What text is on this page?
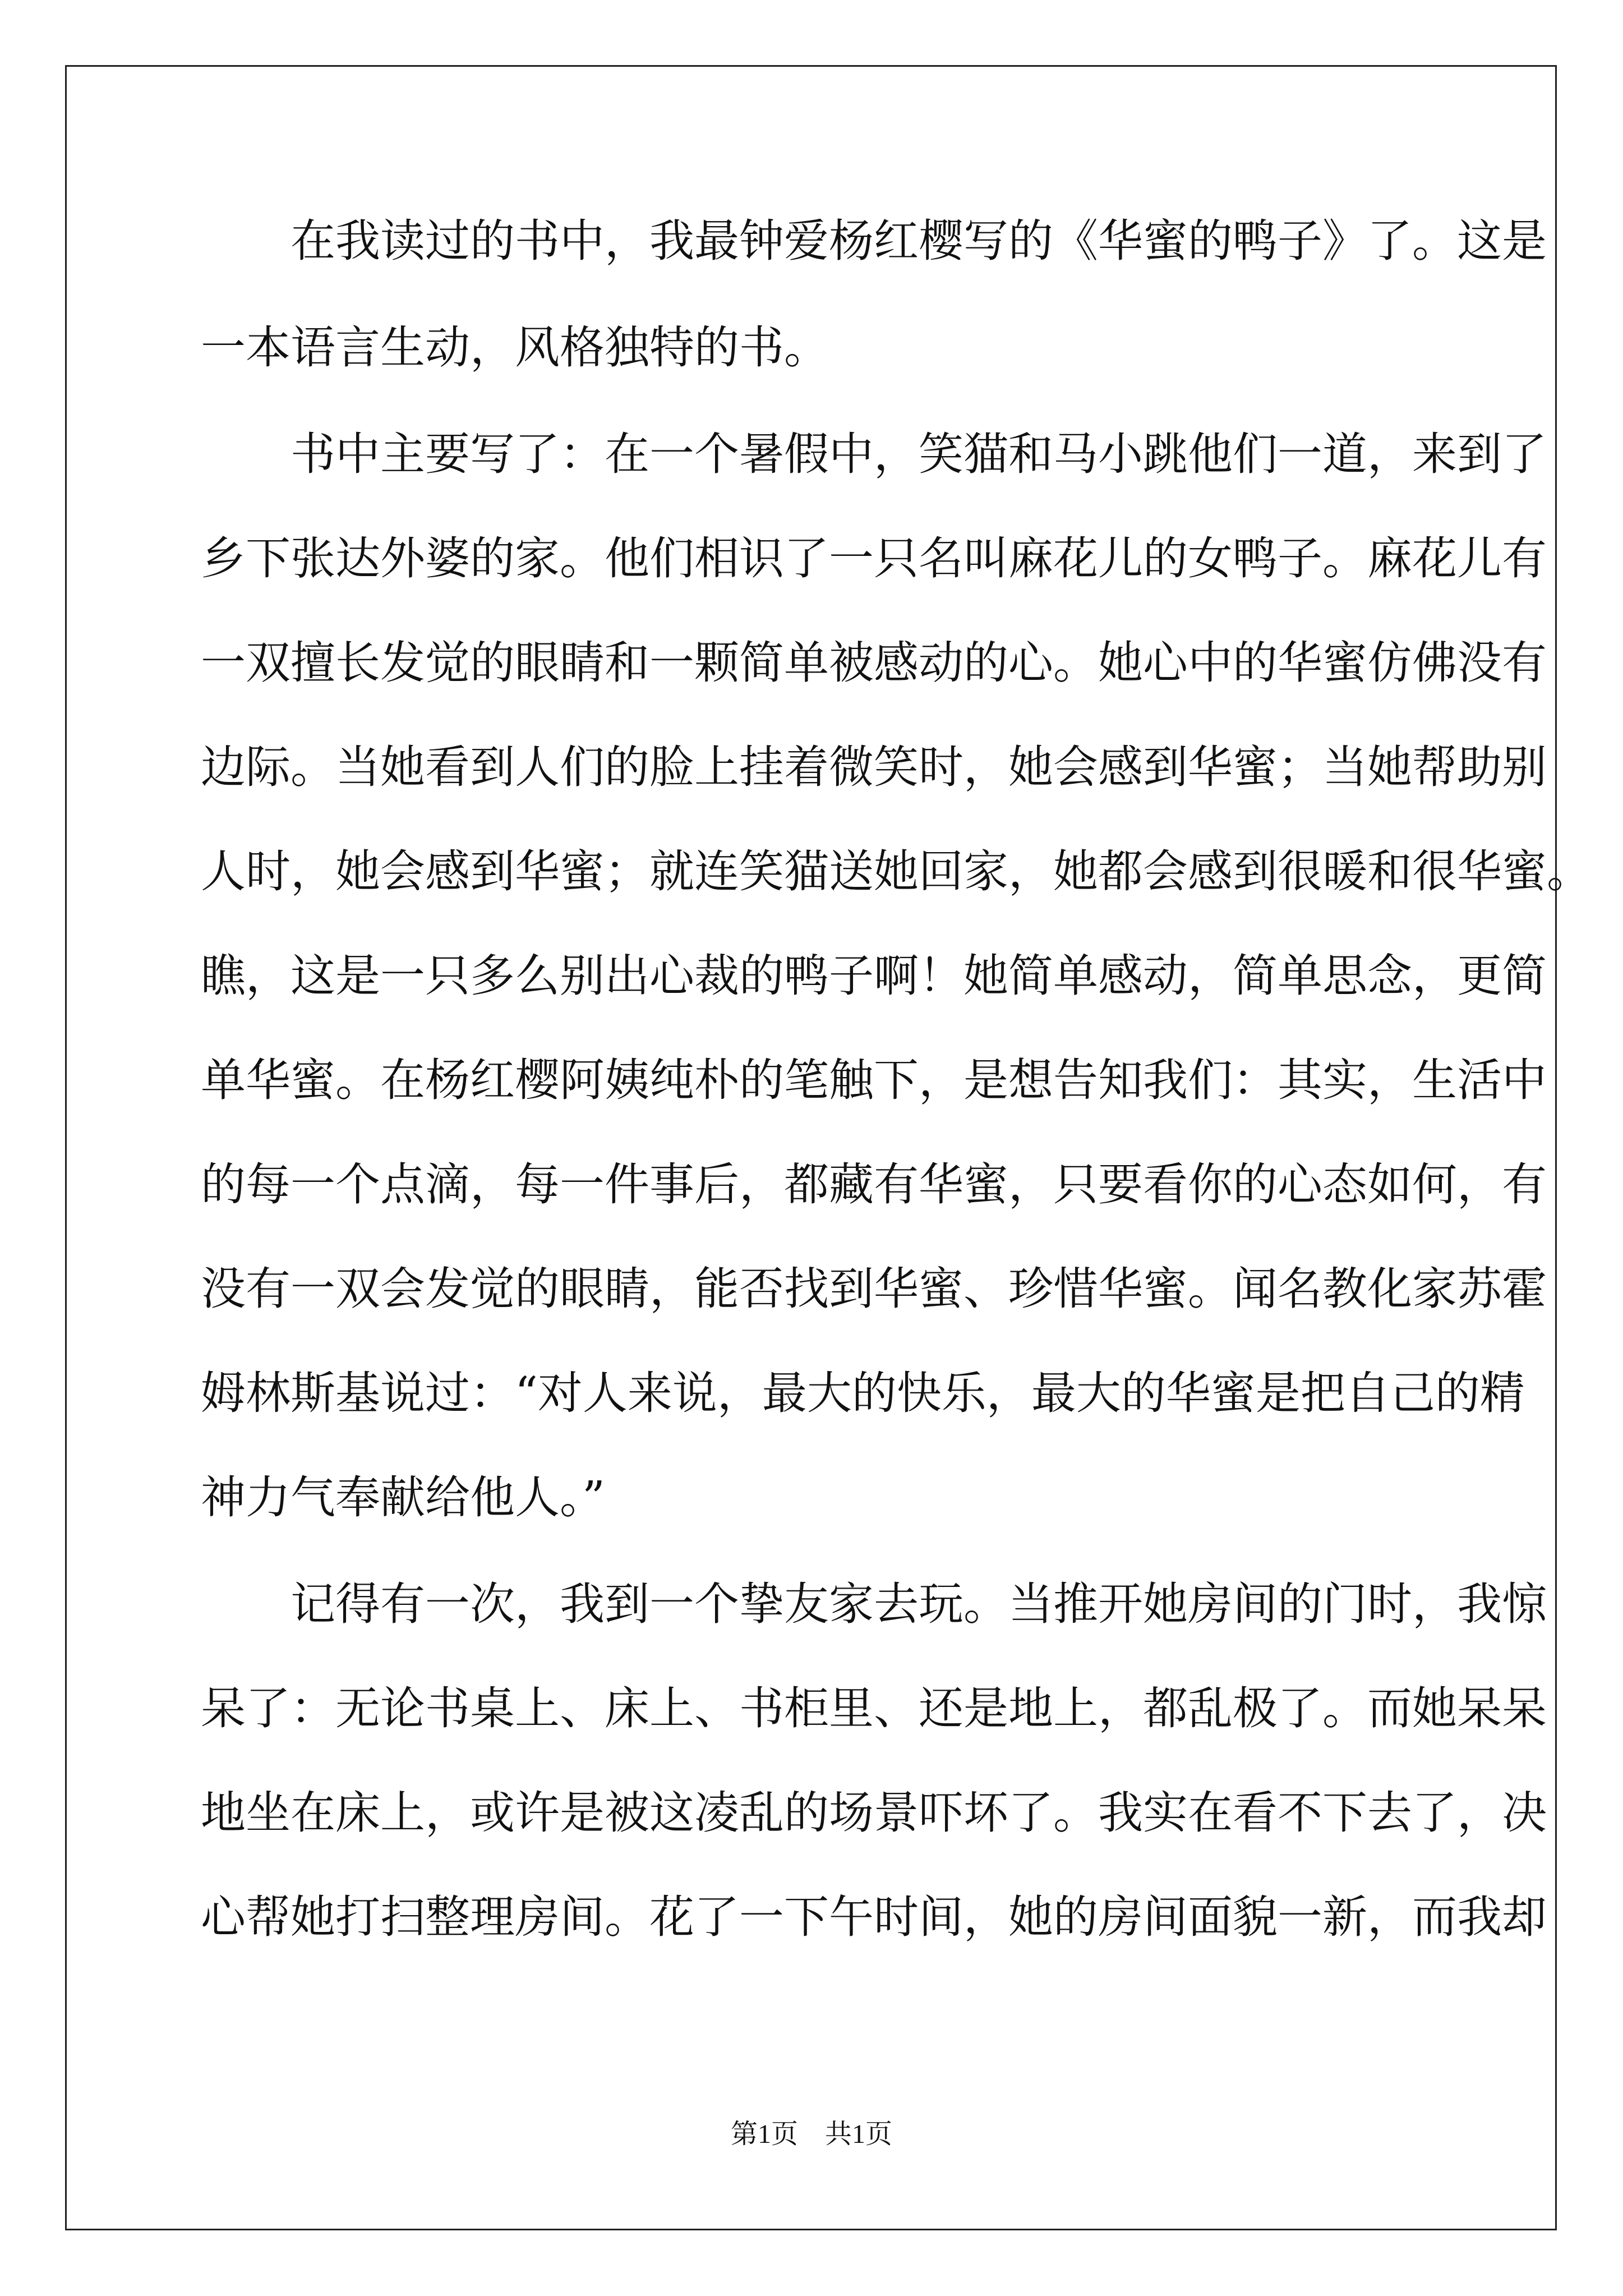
　　在我读过的书中，我最钟爱杨红樱写的《华蜜的鸭子》了。这是
一本语言生动，风格独特的书。
　　书中主要写了：在一个暑假中，笑猫和马小跳他们一道，来到了
乡下张达外婆的家。他们相识了一只名叫麻花儿的女鸭子。麻花儿有
一双擅长发觉的眼睛和一颗简单被感动的心。她心中的华蜜仿佛没有
边际。当她看到人们的脸上挂着微笑时，她会感到华蜜；当她帮助别
人时，她会感到华蜜；就连笑猫送她回家，她都会感到很暖和很华蜜。
瞧，这是一只多么别出心裁的鸭子啊！她简单感动，简单思念，更简
单华蜜。在杨红樱阿姨纯朴的笔触下，是想告知我们：其实，生活中
的每一个点滴，每一件事后，都藏有华蜜，只要看你的心态如何，有
没有一双会发觉的眼睛，能否找到华蜜、珍惜华蜜。闻名教化家苏霍
姆林斯基说过：“对人来说，最大的快乐，最大的华蜜是把自己的精
神力气奉献给他人。”
　　记得有一次，我到一个挚友家去玩。当推开她房间的门时，我惊
呆了：无论书桌上、床上、书柜里、还是地上，都乱极了。而她呆呆
地坐在床上，或许是被这凌乱的场景吓坏了。我实在看不下去了，决
心帮她打扫整理房间。花了一下午时间，她的房间面貌一新，而我却
第1页　共1页
